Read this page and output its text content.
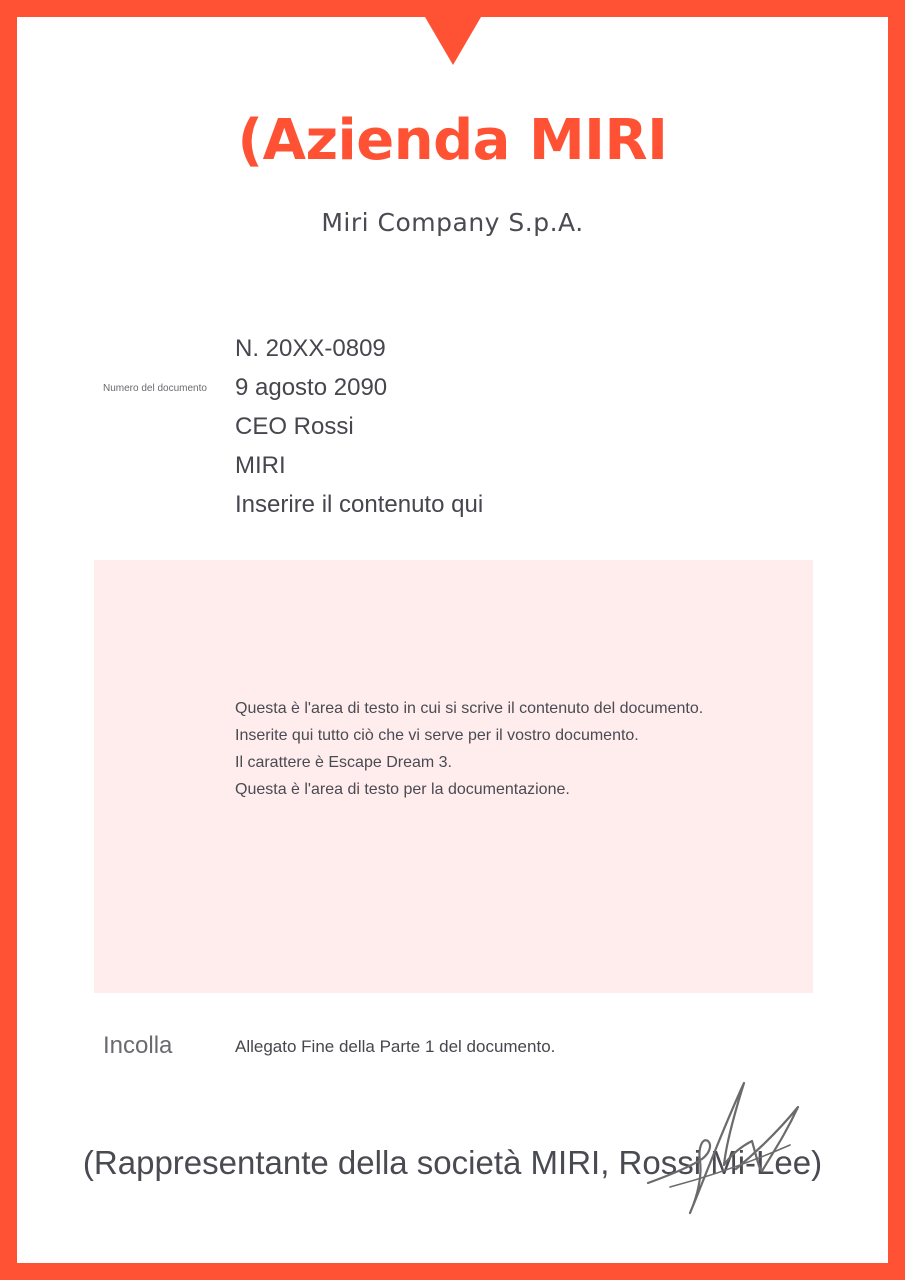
(Azienda MIRI
Miri Company S.p.A.
Numero del documento
N. 20XX-0809
9 agosto 2090
CEO Rossi
MIRI
Inserire il contenuto qui
Questa è l'area di testo in cui si scrive il contenuto del documento.
Inserite qui tutto ciò che vi serve per il vostro documento.
Il carattere è Escape Dream 3.
Questa è l'area di testo per la documentazione.
Incolla	Allegato Fine della Parte 1 del documento.
(Rappresentante della società MIRI, Rossi Mi-Lee)
